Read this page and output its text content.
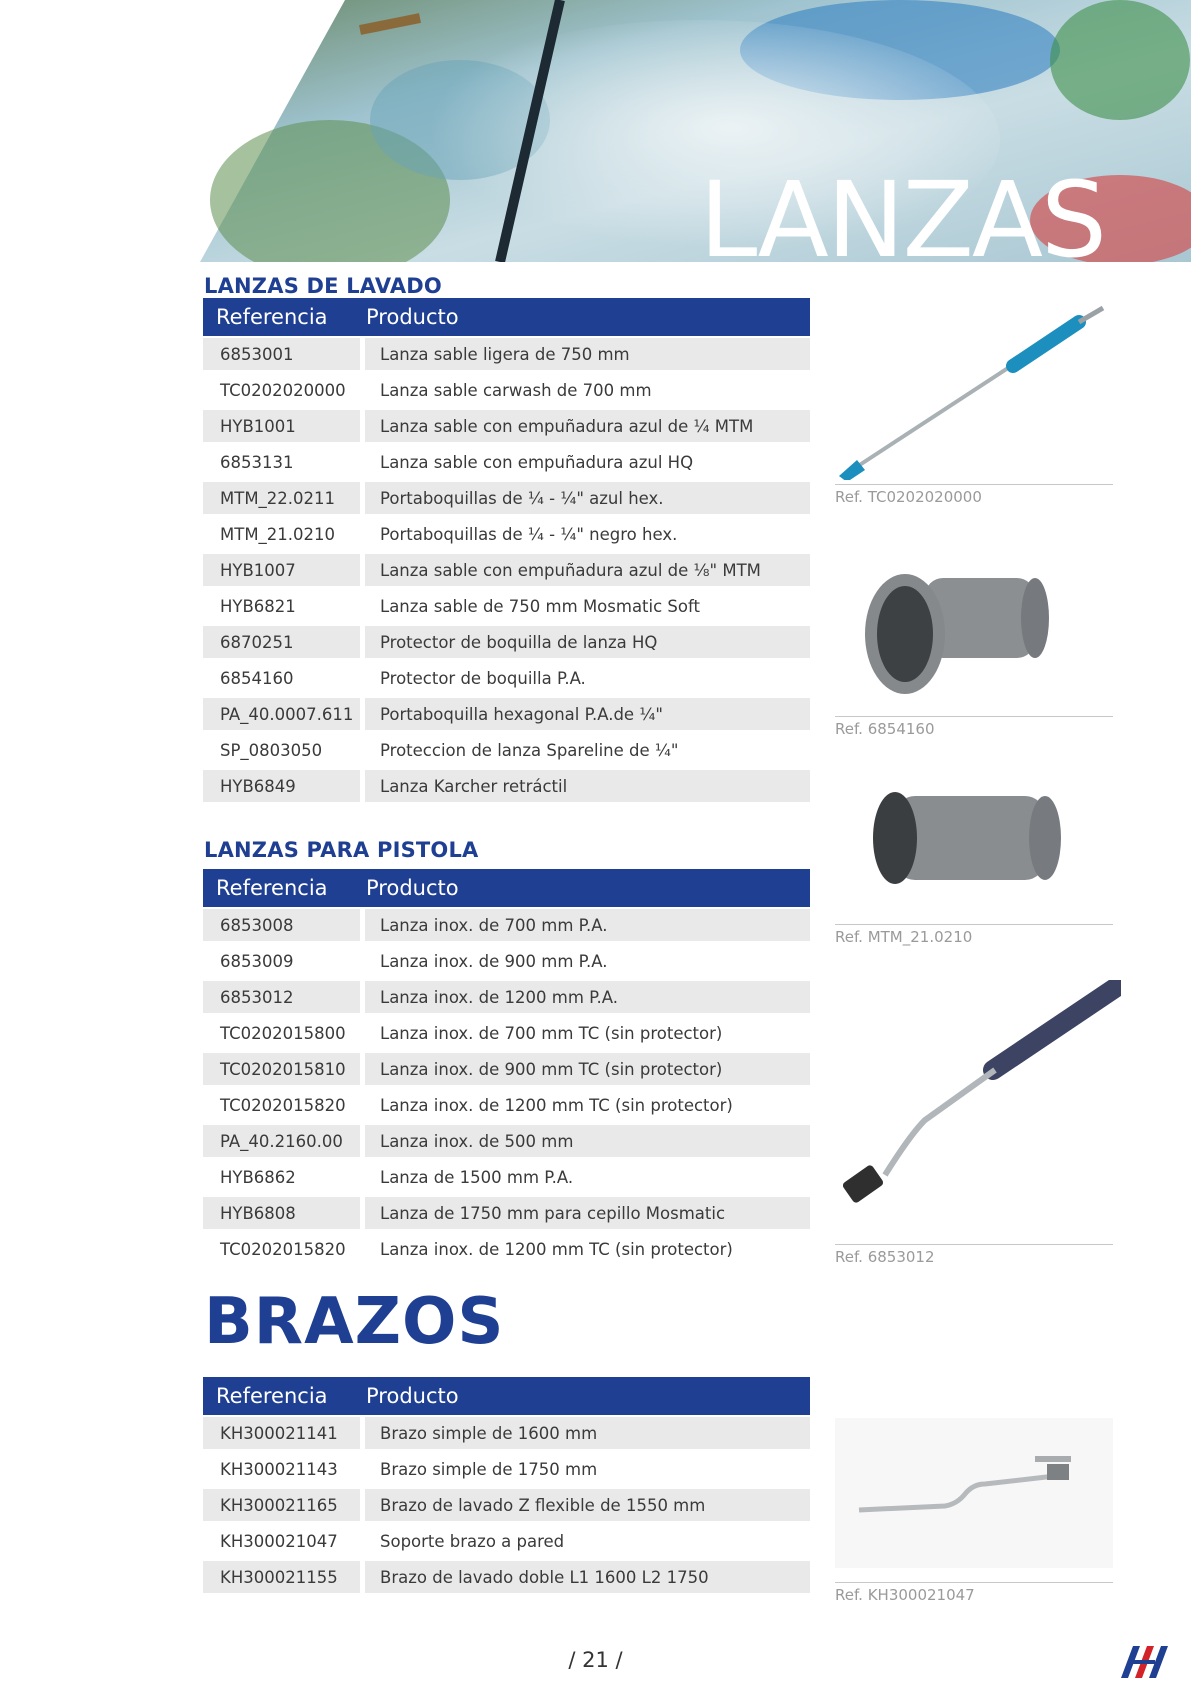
LANZAS
LANZAS DE LAVADO
Referencia	Producto
6853001	Lanza sable ligera de 750 mm
TC0202020000	Lanza sable carwash de 700 mm
HYB1001	Lanza sable con empuñadura azul de ¼ MTM
6853131	Lanza sable con empuñadura azul HQ
MTM_22.0211	Portaboquillas de ¼ - ¼" azul hex.
MTM_21.0210	Portaboquillas de ¼ - ¼" negro hex.
HYB1007	Lanza sable con empuñadura azul de ⅛" MTM
HYB6821	Lanza sable de 750 mm Mosmatic Soft
6870251	Protector de boquilla de lanza HQ
6854160	Protector de boquilla P.A.
PA_40.0007.611	Portaboquilla hexagonal P.A.de ¼"
SP_0803050	Proteccion de lanza Spareline de ¼"
HYB6849	Lanza Karcher retráctil
LANZAS PARA PISTOLA
Referencia	Producto
6853008	Lanza inox. de 700 mm P.A.
6853009	Lanza inox. de 900 mm P.A.
6853012	Lanza inox. de 1200 mm P.A.
TC0202015800	Lanza inox. de 700 mm TC (sin protector)
TC0202015810	Lanza inox. de 900 mm TC (sin protector)
TC0202015820	Lanza inox. de 1200 mm TC (sin protector)
PA_40.2160.00	Lanza inox. de 500 mm
HYB6862	Lanza de 1500 mm P.A.
HYB6808	Lanza de 1750 mm para cepillo Mosmatic
TC0202015820	Lanza inox. de 1200 mm TC (sin protector)
BRAZOS
Referencia	Producto
KH300021141	Brazo simple de 1600 mm
KH300021143	Brazo simple de 1750 mm
KH300021165	Brazo de lavado Z flexible de 1550 mm
KH300021047	Soporte brazo a pared
KH300021155	Brazo de lavado doble L1 1600 L2 1750
Ref. TC0202020000
Ref. 6854160
Ref. MTM_21.0210
Ref. 6853012
Ref. KH300021047
/ 21 /
